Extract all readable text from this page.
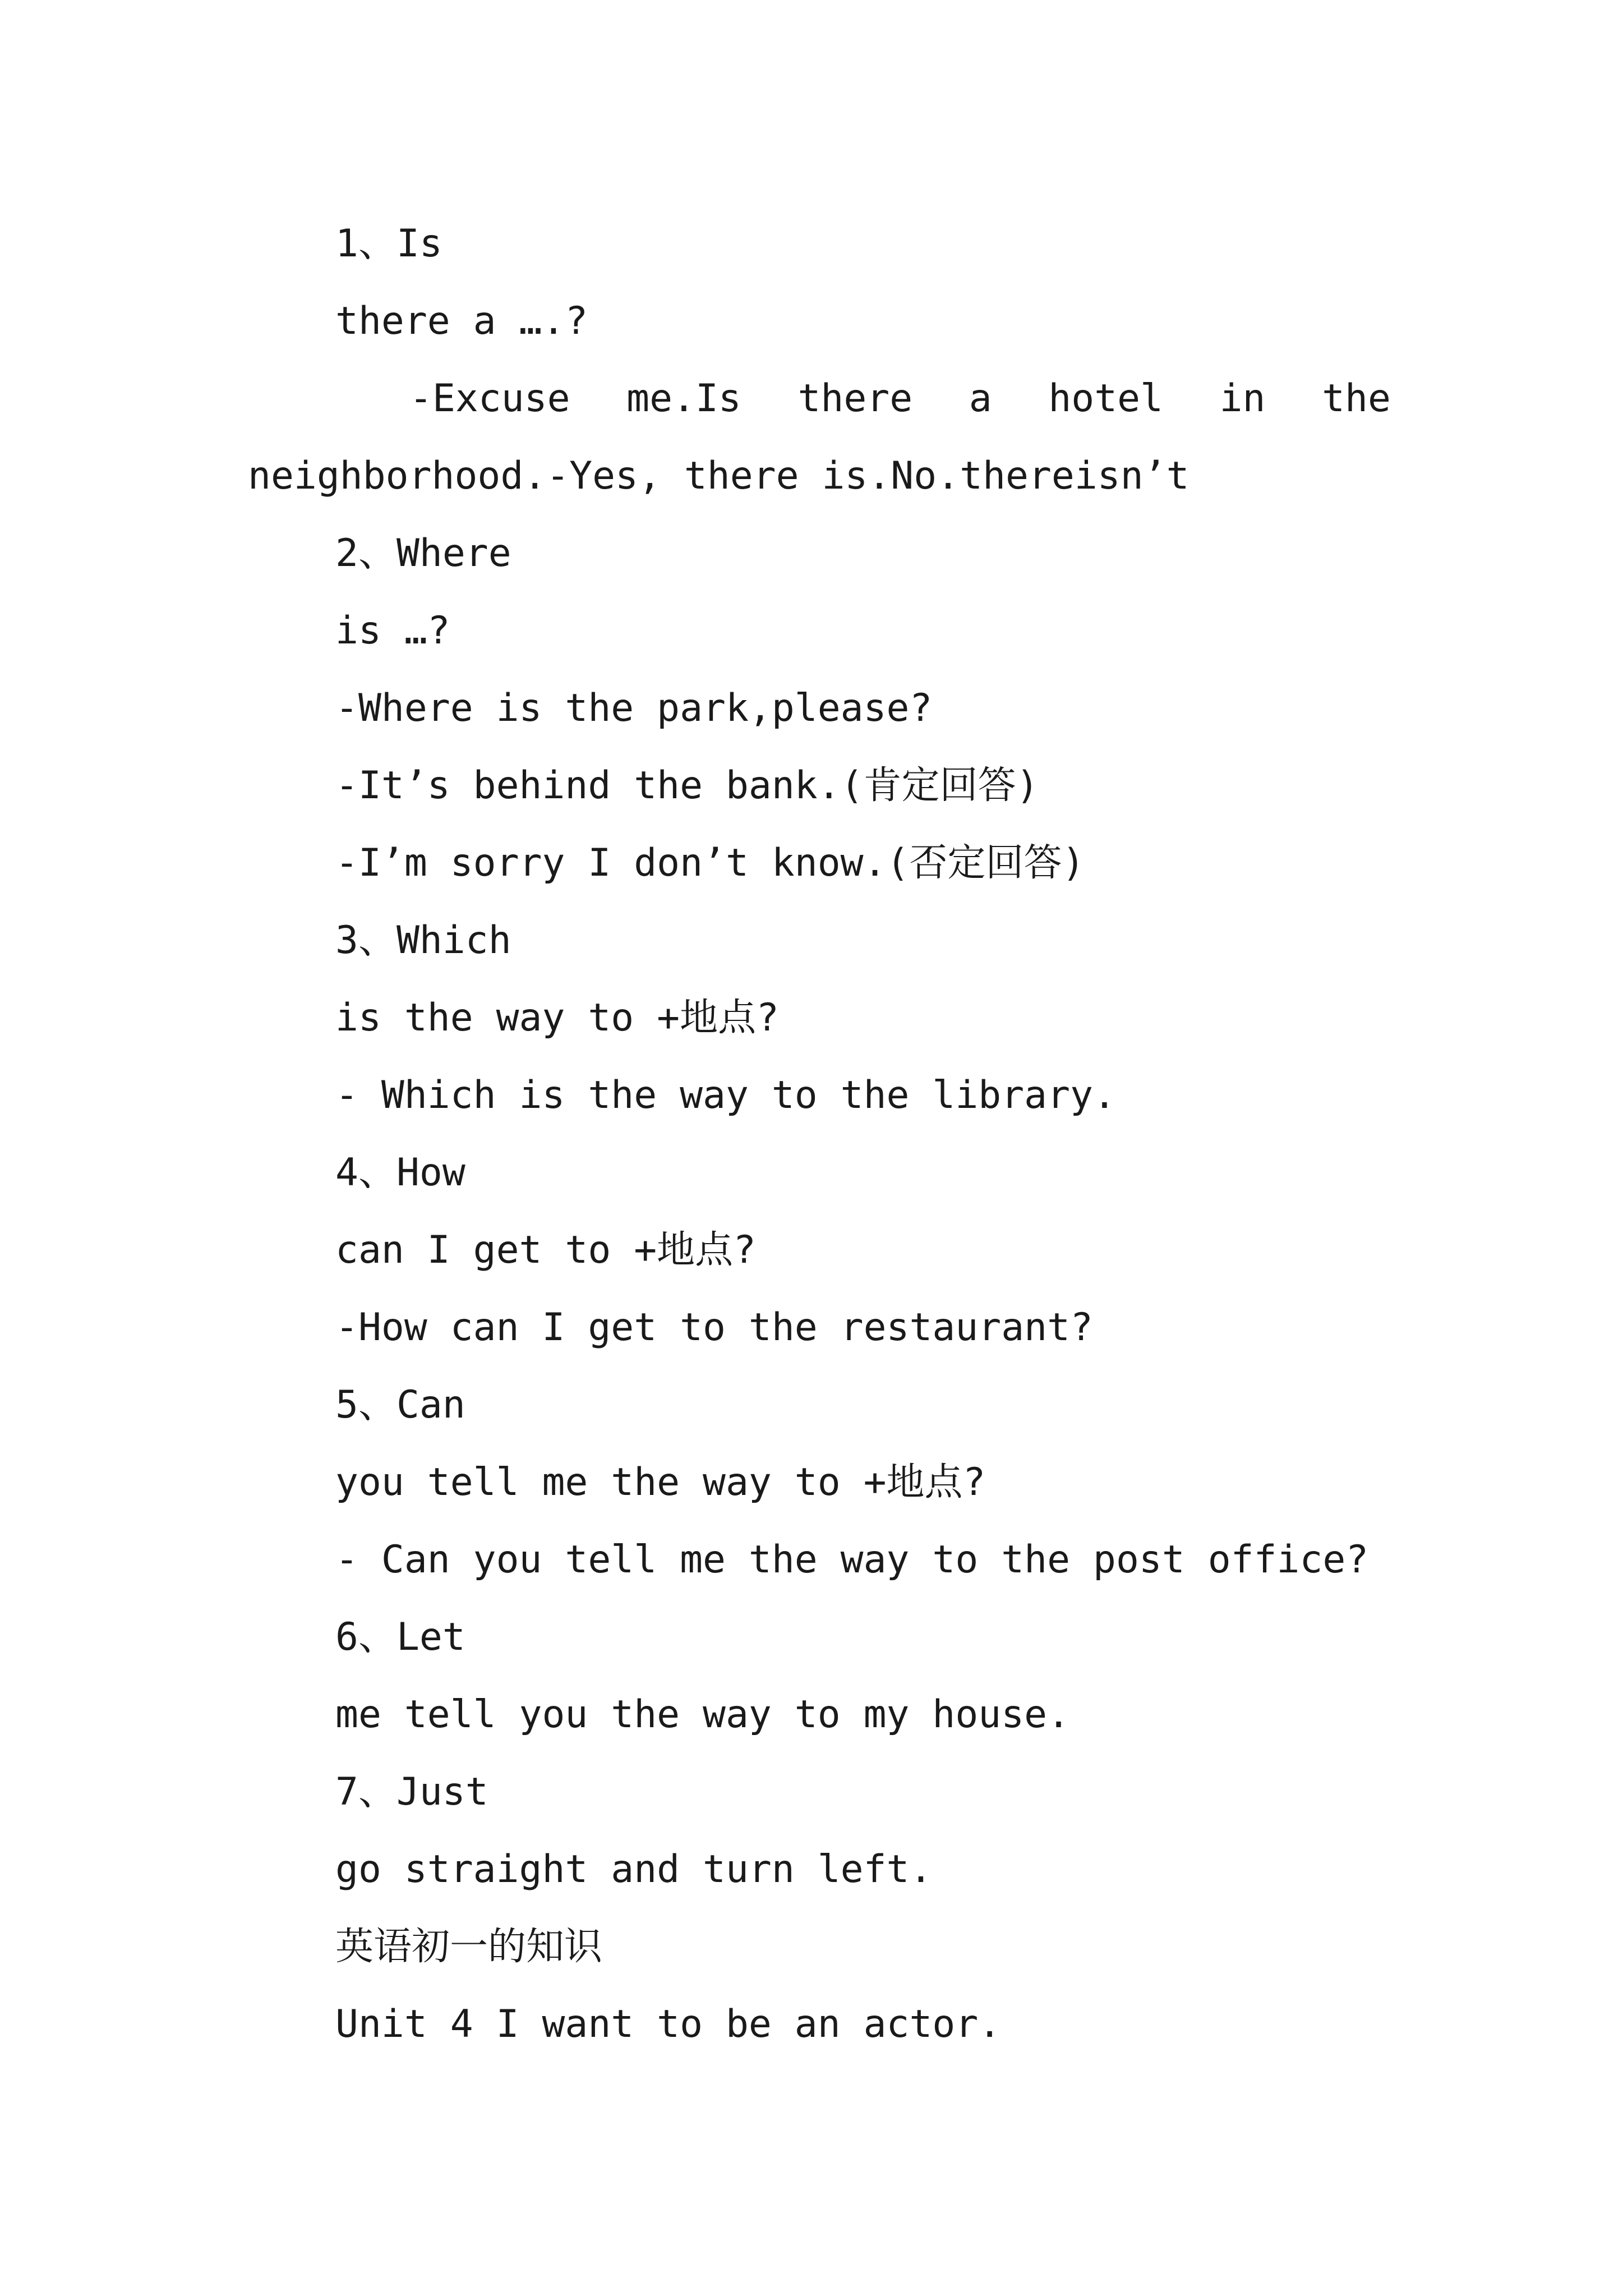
1、Is
there a ….?
-Excuse me.Is there a hotel in the
neighborhood.-Yes, there is.No.thereisn’t
2、Where
is …?
-Where is the park,please?
-It’s behind the bank.(肯定回答)
-I’m sorry I don’t know.(否定回答)
3、Which
is the way to +地点?
- Which is the way to the library.
4、How
can I get to +地点?
-How can I get to the restaurant?
5、Can
you tell me the way to +地点?
- Can you tell me the way to the post office?
6、Let
me tell you the way to my house.
7、Just
go straight and turn left.
英语初一的知识
Unit 4 I want to be an actor.
